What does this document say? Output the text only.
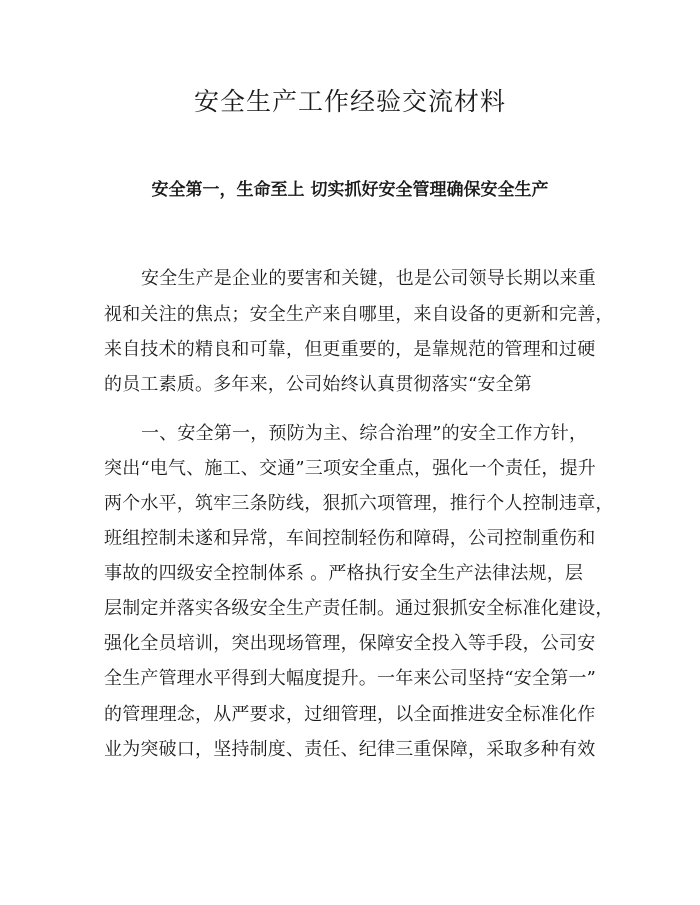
安全生产工作经验交流材料
安全第一，生命至上 切实抓好安全管理确保安全生产
安全生产是企业的要害和关键，也是公司领导长期以来重
视和关注的焦点；安全生产来自哪里，来自设备的更新和完善，
来自技术的精良和可靠，但更重要的，是靠规范的管理和过硬
的员工素质。多年来，公司始终认真贯彻落实“安全第
一、安全第一，预防为主、综合治理”的安全工作方针，
突出“电气、施工、交通”三项安全重点，强化一个责任，提升
两个水平，筑牢三条防线，狠抓六项管理，推行个人控制违章，
班组控制未遂和异常，车间控制轻伤和障碍，公司控制重伤和
事故的四级安全控制体系 。严格执行安全生产法律法规，层
层制定并落实各级安全生产责任制。通过狠抓安全标准化建设，
强化全员培训，突出现场管理，保障安全投入等手段，公司安
全生产管理水平得到大幅度提升。一年来公司坚持“安全第一”
的管理理念，从严要求，过细管理，以全面推进安全标准化作
业为突破口，坚持制度、责任、纪律三重保障，采取多种有效
